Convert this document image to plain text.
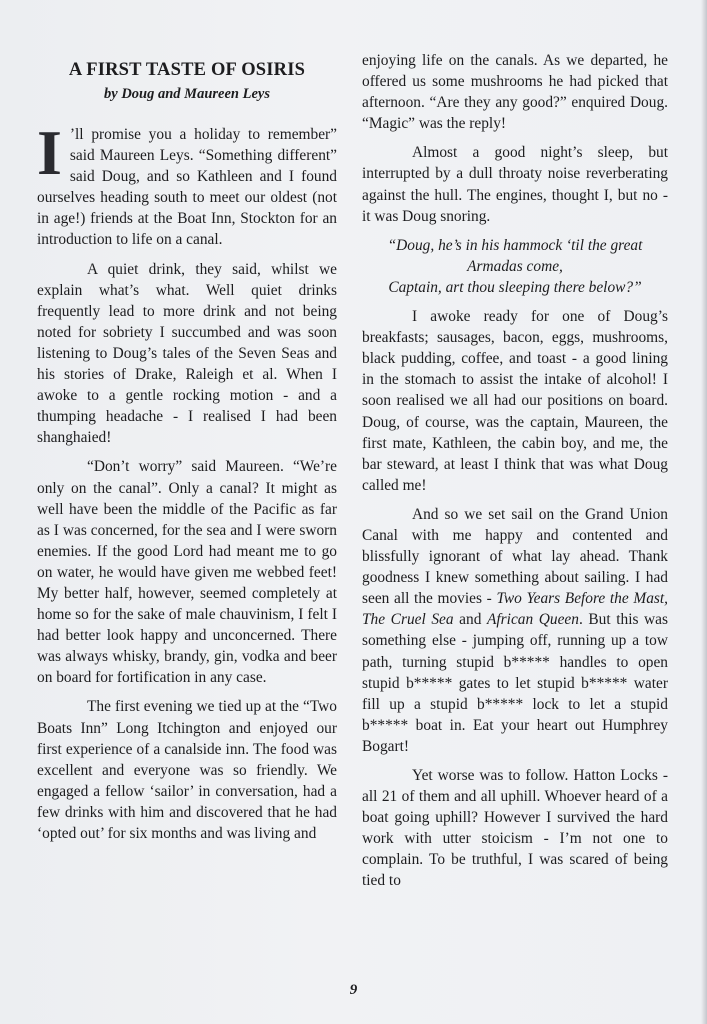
A FIRST TASTE OF OSIRIS
by Doug and Maureen Leys

I ’ll promise you a holiday to remember” said Maureen Leys. “Something different” said Doug, and so Kathleen and I found ourselves heading south to meet our oldest (not in age!) friends at the Boat Inn, Stockton for an introduction to life on a canal.

A quiet drink, they said, whilst we explain what’s what. Well quiet drinks frequently lead to more drink and not being noted for sobriety I succumbed and was soon listening to Doug’s tales of the Seven Seas and his stories of Drake, Raleigh et al. When I awoke to a gentle rocking motion - and a thumping headache - I realised I had been shanghaied!

“Don’t worry” said Maureen. “We’re only on the canal”. Only a canal? It might as well have been the middle of the Pacific as far as I was concerned, for the sea and I were sworn enemies. If the good Lord had meant me to go on water, he would have given me webbed feet! My better half, however, seemed completely at home so for the sake of male chauvinism, I felt I had better look happy and unconcerned. There was always whisky, brandy, gin, vodka and beer on board for fortification in any case.

The first evening we tied up at the “Two Boats Inn” Long Itchington and enjoyed our first experience of a canalside inn. The food was excellent and everyone was so friendly. We engaged a fellow ‘sailor’ in conversation, had a few drinks with him and discovered that he had ‘opted out’ for six months and was living and

enjoying life on the canals. As we departed, he offered us some mushrooms he had picked that afternoon. “Are they any good?” enquired Doug. “Magic” was the reply!

Almost a good night’s sleep, but interrupted by a dull throaty noise reverberating against the hull. The engines, thought I, but no - it was Doug snoring.

“Doug, he’s in his hammock ‘til the great
Armadas come,
Captain, art thou sleeping there below?”

I awoke ready for one of Doug’s breakfasts; sausages, bacon, eggs, mushrooms, black pudding, coffee, and toast - a good lining in the stomach to assist the intake of alcohol! I soon realised we all had our positions on board. Doug, of course, was the captain, Maureen, the first mate, Kathleen, the cabin boy, and me, the bar steward, at least I think that was what Doug called me!

And so we set sail on the Grand Union Canal with me happy and contented and blissfully ignorant of what lay ahead. Thank goodness I knew something about sailing. I had seen all the movies - Two Years Before the Mast, The Cruel Sea and African Queen. But this was something else - jumping off, running up a tow path, turning stupid b***** handles to open stupid b***** gates to let stupid b***** water fill up a stupid b***** lock to let a stupid b***** boat in. Eat your heart out Humphrey Bogart!

Yet worse was to follow. Hatton Locks - all 21 of them and all uphill. Whoever heard of a boat going uphill? However I survived the hard work with utter stoicism - I’m not one to complain. To be truthful, I was scared of being tied to

9
